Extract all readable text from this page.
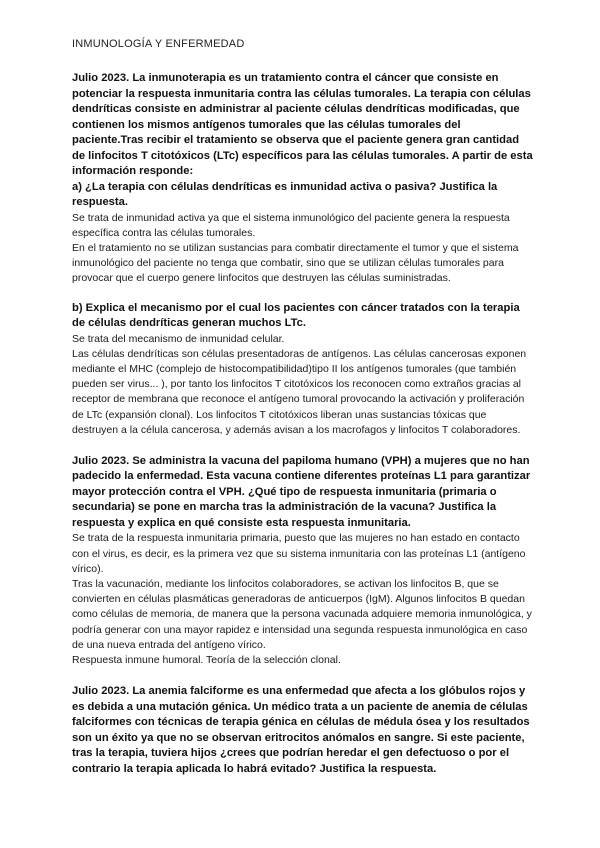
INMUNOLOGÍA Y ENFERMEDAD

Julio 2023. La inmunoterapia es un tratamiento contra el cáncer que consiste en potenciar la respuesta inmunitaria contra las células tumorales. La terapia con células dendríticas consiste en administrar al paciente células dendríticas modificadas, que contienen los mismos antígenos tumorales que las células tumorales del paciente.Tras recibir el tratamiento se observa que el paciente genera gran cantidad de linfocitos T citotóxicos (LTc) específicos para las células tumorales. A partir de esta información responde:

a) ¿La terapia con células dendríticas es inmunidad activa o pasiva? Justifica la respuesta.

Se trata de inmunidad activa ya que el sistema inmunológico del paciente genera la respuesta específica contra las células tumorales.

En el tratamiento no se utilizan sustancias para combatir directamente el tumor y que el sistema inmunológico del paciente no tenga que combatir, sino que se utilizan células tumorales para provocar que el cuerpo genere linfocitos que destruyen las células suministradas.

b) Explica el mecanismo por el cual los pacientes con cáncer tratados con la terapia de células dendríticas generan muchos LTc.

Se trata del mecanismo de inmunidad celular.

Las células dendríticas son células presentadoras de antígenos. Las células cancerosas exponen mediante el MHC (complejo de histocompatibilidad)tipo II los antígenos tumorales (que también pueden ser virus... ), por tanto los linfocitos T citotóxicos los reconocen como extraños gracias al receptor de membrana que reconoce el antígeno tumoral provocando la activación y proliferación de LTc (expansión clonal). Los linfocitos T citotóxicos liberan unas sustancias tóxicas que destruyen a la célula cancerosa, y además avisan a los macrofagos y linfocitos T colaboradores.

Julio 2023. Se administra la vacuna del papiloma humano (VPH) a mujeres que no han padecido la enfermedad. Esta vacuna contiene diferentes proteínas L1 para garantizar mayor protección contra el VPH. ¿Qué tipo de respuesta inmunitaria (primaria o secundaria) se pone en marcha tras la administración de la vacuna? Justifica la respuesta y explica en qué consiste esta respuesta inmunitaria.

Se trata de la respuesta inmunitaria primaria, puesto que las mujeres no han estado en contacto con el virus, es decir, es la primera vez que su sistema inmunitaria con las proteínas L1 (antígeno vírico).

Tras la vacunación, mediante los linfocitos colaboradores, se activan los linfocitos B, que se convierten en células plasmáticas generadoras de anticuerpos (IgM). Algunos linfocitos B quedan como células de memoria, de manera que la persona vacunada adquiere memoria inmunológica, y podría generar con una mayor rapidez e intensidad una segunda respuesta inmunológica en caso de una nueva entrada del antígeno vírico.

Respuesta inmune humoral. Teoría de la selección clonal.

Julio 2023. La anemia falciforme es una enfermedad que afecta a los glóbulos rojos y es debida a una mutación génica. Un médico trata a un paciente de anemia de células falciformes con técnicas de terapia génica en células de médula ósea y los resultados son un éxito ya que no se observan eritrocitos anómalos en sangre. Si este paciente, tras la terapia, tuviera hijos ¿crees que podrían heredar el gen defectuoso o por el contrario la terapia aplicada lo habrá evitado? Justifica la respuesta.
